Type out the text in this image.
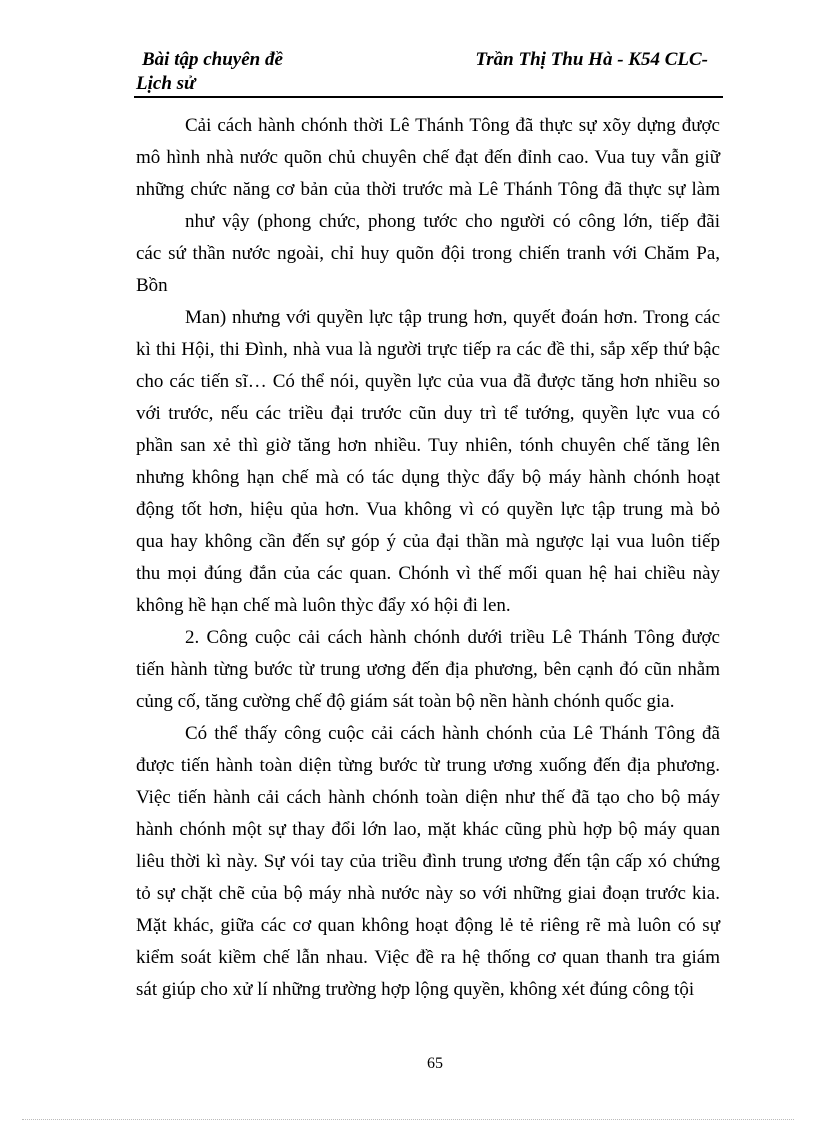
Bài tập chuyên đề
Lịch sử
Trần Thị Thu Hà - K54 CLC-
Cải cách hành chónh thời Lê Thánh Tông đã thực sự xõy dựng được
mô hình nhà nước quõn chủ chuyên chế đạt đến đỉnh cao. Vua tuy vẫn giữ
những chức năng cơ bản của thời trước mà Lê Thánh Tông đã thực sự làm
như vậy (phong chức, phong tước cho người có công lớn, tiếp đãi
các sứ thần nước ngoài, chỉ huy quõn đội trong chiến tranh với Chăm Pa,
Bồn
Man) nhưng với quyền lực tập trung hơn, quyết đoán hơn. Trong các
kì thi Hội, thi Đình, nhà vua là người trực tiếp ra các đề thi, sắp xếp thứ bậc
cho các tiến sĩ… Có thể nói, quyền lực của vua đã được tăng hơn nhiều so
với trước, nếu các triều đại trước cũn duy trì tể tướng, quyền lực vua có
phần san xẻ thì giờ tăng hơn nhiều. Tuy nhiên, tónh chuyên chế tăng lên
nhưng không hạn chế mà có tác dụng thỳc đẩy bộ máy hành chónh hoạt
động tốt hơn, hiệu qủa hơn. Vua không vì có quyền lực tập trung mà bỏ
qua hay không cần đến sự góp ý của đại thần mà ngược lại vua luôn tiếp
thu mọi đúng đắn của các quan. Chónh vì thế mối quan hệ hai chiều này
không hề hạn chế mà luôn thỳc đẩy xó hội đi len.
2. Công cuộc cải cách hành chónh dưới triều Lê Thánh Tông được
tiến hành từng bước từ trung ương đến địa phương, bên cạnh đó cũn nhằm
củng cố, tăng cường chế độ giám sát toàn bộ nền hành chónh quốc gia.
Có thể thấy công cuộc cải cách hành chónh của Lê Thánh Tông đã
được tiến hành toàn diện từng bước từ trung ương xuống đến địa phương.
Việc tiến hành cải cách hành chónh toàn diện như thế đã tạo cho bộ máy
hành chónh một sự thay đổi lớn lao, mặt khác cũng phù hợp bộ máy quan
liêu thời kì này. Sự vói tay của triều đình trung ương đến tận cấp xó chứng
tỏ sự chặt chẽ của bộ máy nhà nước này so với những giai đoạn trước kia.
Mặt khác, giữa các cơ quan không hoạt động lẻ tẻ riêng rẽ mà luôn có sự
kiểm soát kiềm chế lẫn nhau. Việc đề ra hệ thống cơ quan thanh tra giám
sát giúp cho xử lí những trường hợp lộng quyền, không xét đúng công tội
65
